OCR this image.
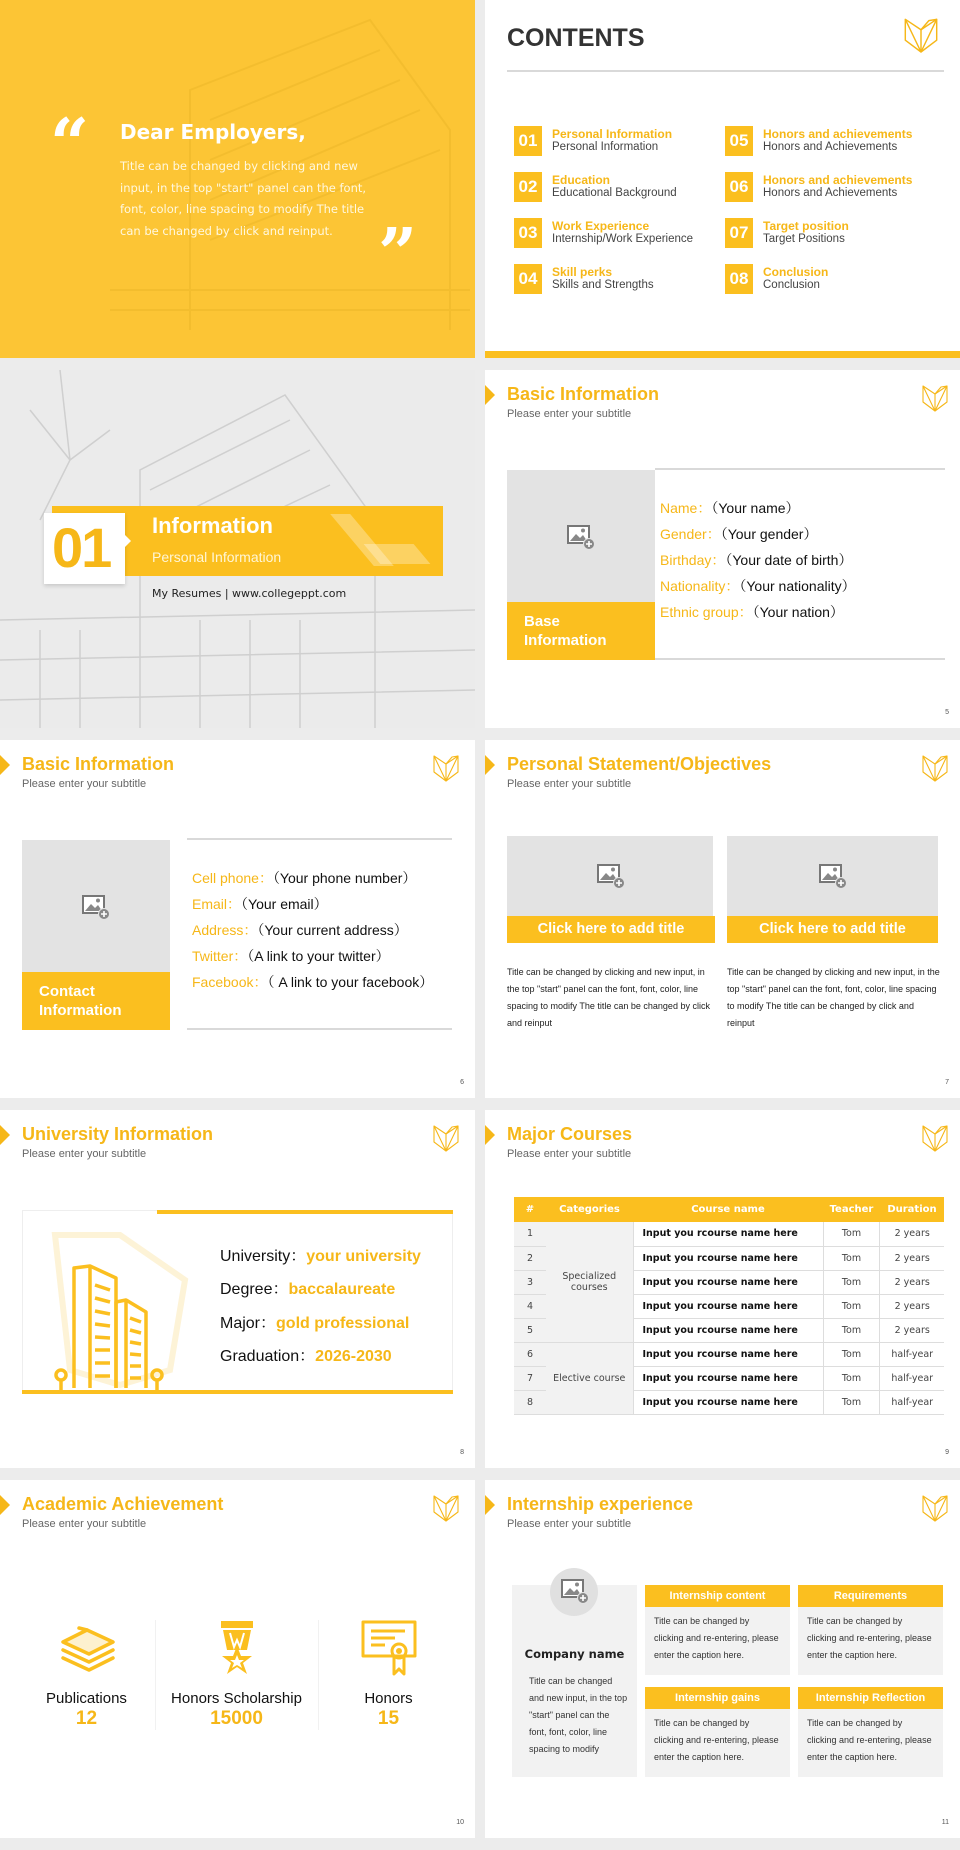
“ Dear Employers,
Title can be changed by clicking and new input, in the top "start" panel can the font, font, color, line spacing to modify The title can be changed by click and reinput. ”
CONTENTS
01	Personal Information
Personal Information
02	Education
Educational Background
03	Work Experience
Internship/Work Experience
04	Skill perks
Skills and Strengths
05	Honors and achievements
Honors and Achievements
06	Honors and achievements
Honors and Achievements
07	Target position
Target Positions
08	Conclusion
Conclusion
01 Information
Personal Information
My Resumes | www.collegeppt.com
Basic Information
Please enter your subtitle
Base
Information
Name：（Your name）
Gender：（Your gender）
Birthday：（Your date of birth）
Nationality：（Your nationality）
Ethnic group：（Your nation）
5
Basic Information
Please enter your subtitle
Contact
Information
Cell phone：（Your phone number）
Email：（Your email）
Address：（Your current address）
Twitter：（A link to your twitter）
Facebook：（ A link to your facebook）
6
Personal Statement/Objectives
Please enter your subtitle
Click here to add title
Title can be changed by clicking and new input, in the top "start" panel can the font, font, color, line spacing to modify The title can be changed by click and reinput
Click here to add title
Title can be changed by clicking and new input, in the top "start" panel can the font, font, color, line spacing to modify The title can be changed by click and reinput
7
University Information
Please enter your subtitle
University：your university
Degree：baccalaureate
Major：gold professional
Graduation：2026-2030
8
Major Courses
Please enter your subtitle
#	Categories	Course name	Teacher	Duration
1	Specialized courses	Input you rcourse name here	Tom	2 years
2		Input you rcourse name here	Tom	2 years
3		Input you rcourse name here	Tom	2 years
4		Input you rcourse name here	Tom	2 years
5		Input you rcourse name here	Tom	2 years
6	Elective course	Input you rcourse name here	Tom	half-year
7		Input you rcourse name here	Tom	half-year
8		Input you rcourse name here	Tom	half-year
9
Academic Achievement
Please enter your subtitle
Publications
12
Honors Scholarship
15000
Honors
15
10
Internship experience
Please enter your subtitle
Company name
Title can be changed and new input, in the top "start" panel can the font, font, color, line spacing to modify
Internship content
Title can be changed by clicking and re-entering, please enter the caption here.
Requirements
Title can be changed by clicking and re-entering, please enter the caption here.
Internship gains
Title can be changed by clicking and re-entering, please enter the caption here.
Internship Reflection
Title can be changed by clicking and re-entering, please enter the caption here.
11
